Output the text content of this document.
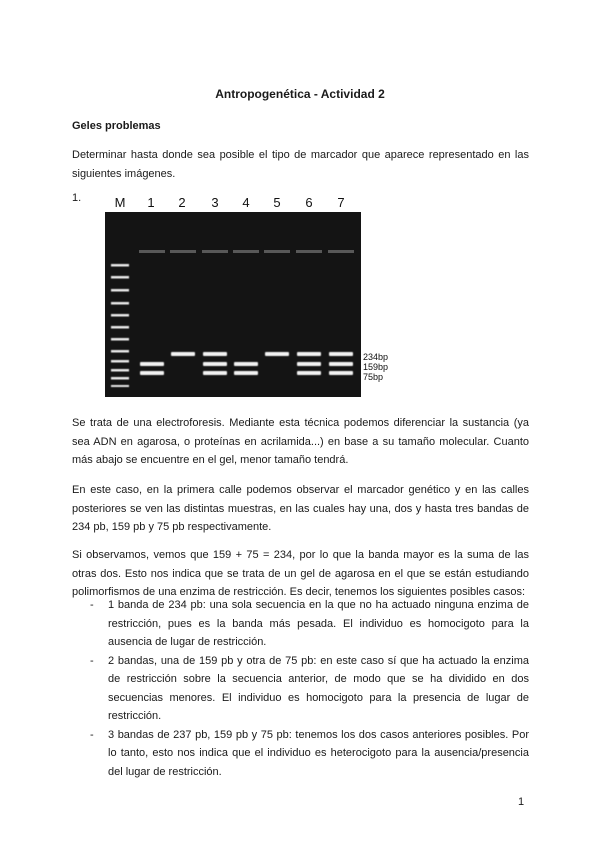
Antropogenética - Actividad 2
Geles problemas

Determinar hasta donde sea posible el tipo de marcador que aparece representado en las siguientes imágenes.

1.	M 1 2 3 4 5 6 7
234bp
159bp
75bp

Se trata de una electroforesis. Mediante esta técnica podemos diferenciar la sustancia (ya sea ADN en agarosa, o proteínas en acrilamida...) en base a su tamaño molecular. Cuanto más abajo se encuentre en el gel, menor tamaño tendrá.

En este caso, en la primera calle podemos observar el marcador genético y en las calles posteriores se ven las distintas muestras, en las cuales hay una, dos y hasta tres bandas de 234 pb, 159 pb y 75 pb respectivamente.

Si observamos, vemos que 159 + 75 = 234, por lo que la banda mayor es la suma de las otras dos. Esto nos indica que se trata de un gel de agarosa en el que se están estudiando polimorfismos de una enzima de restricción. Es decir, tenemos los siguientes posibles casos:

- 1 banda de 234 pb: una sola secuencia en la que no ha actuado ninguna enzima de restricción, pues es la banda más pesada. El individuo es homocigoto para la ausencia de lugar de restricción.
- 2 bandas, una de 159 pb y otra de 75 pb: en este caso sí que ha actuado la enzima de restricción sobre la secuencia anterior, de modo que se ha dividido en dos secuencias menores. El individuo es homocigoto para la presencia de lugar de restricción.
- 3 bandas de 237 pb, 159 pb y 75 pb: tenemos los dos casos anteriores posibles. Por lo tanto, esto nos indica que el individuo es heterocigoto para la ausencia/presencia del lugar de restricción.
1
